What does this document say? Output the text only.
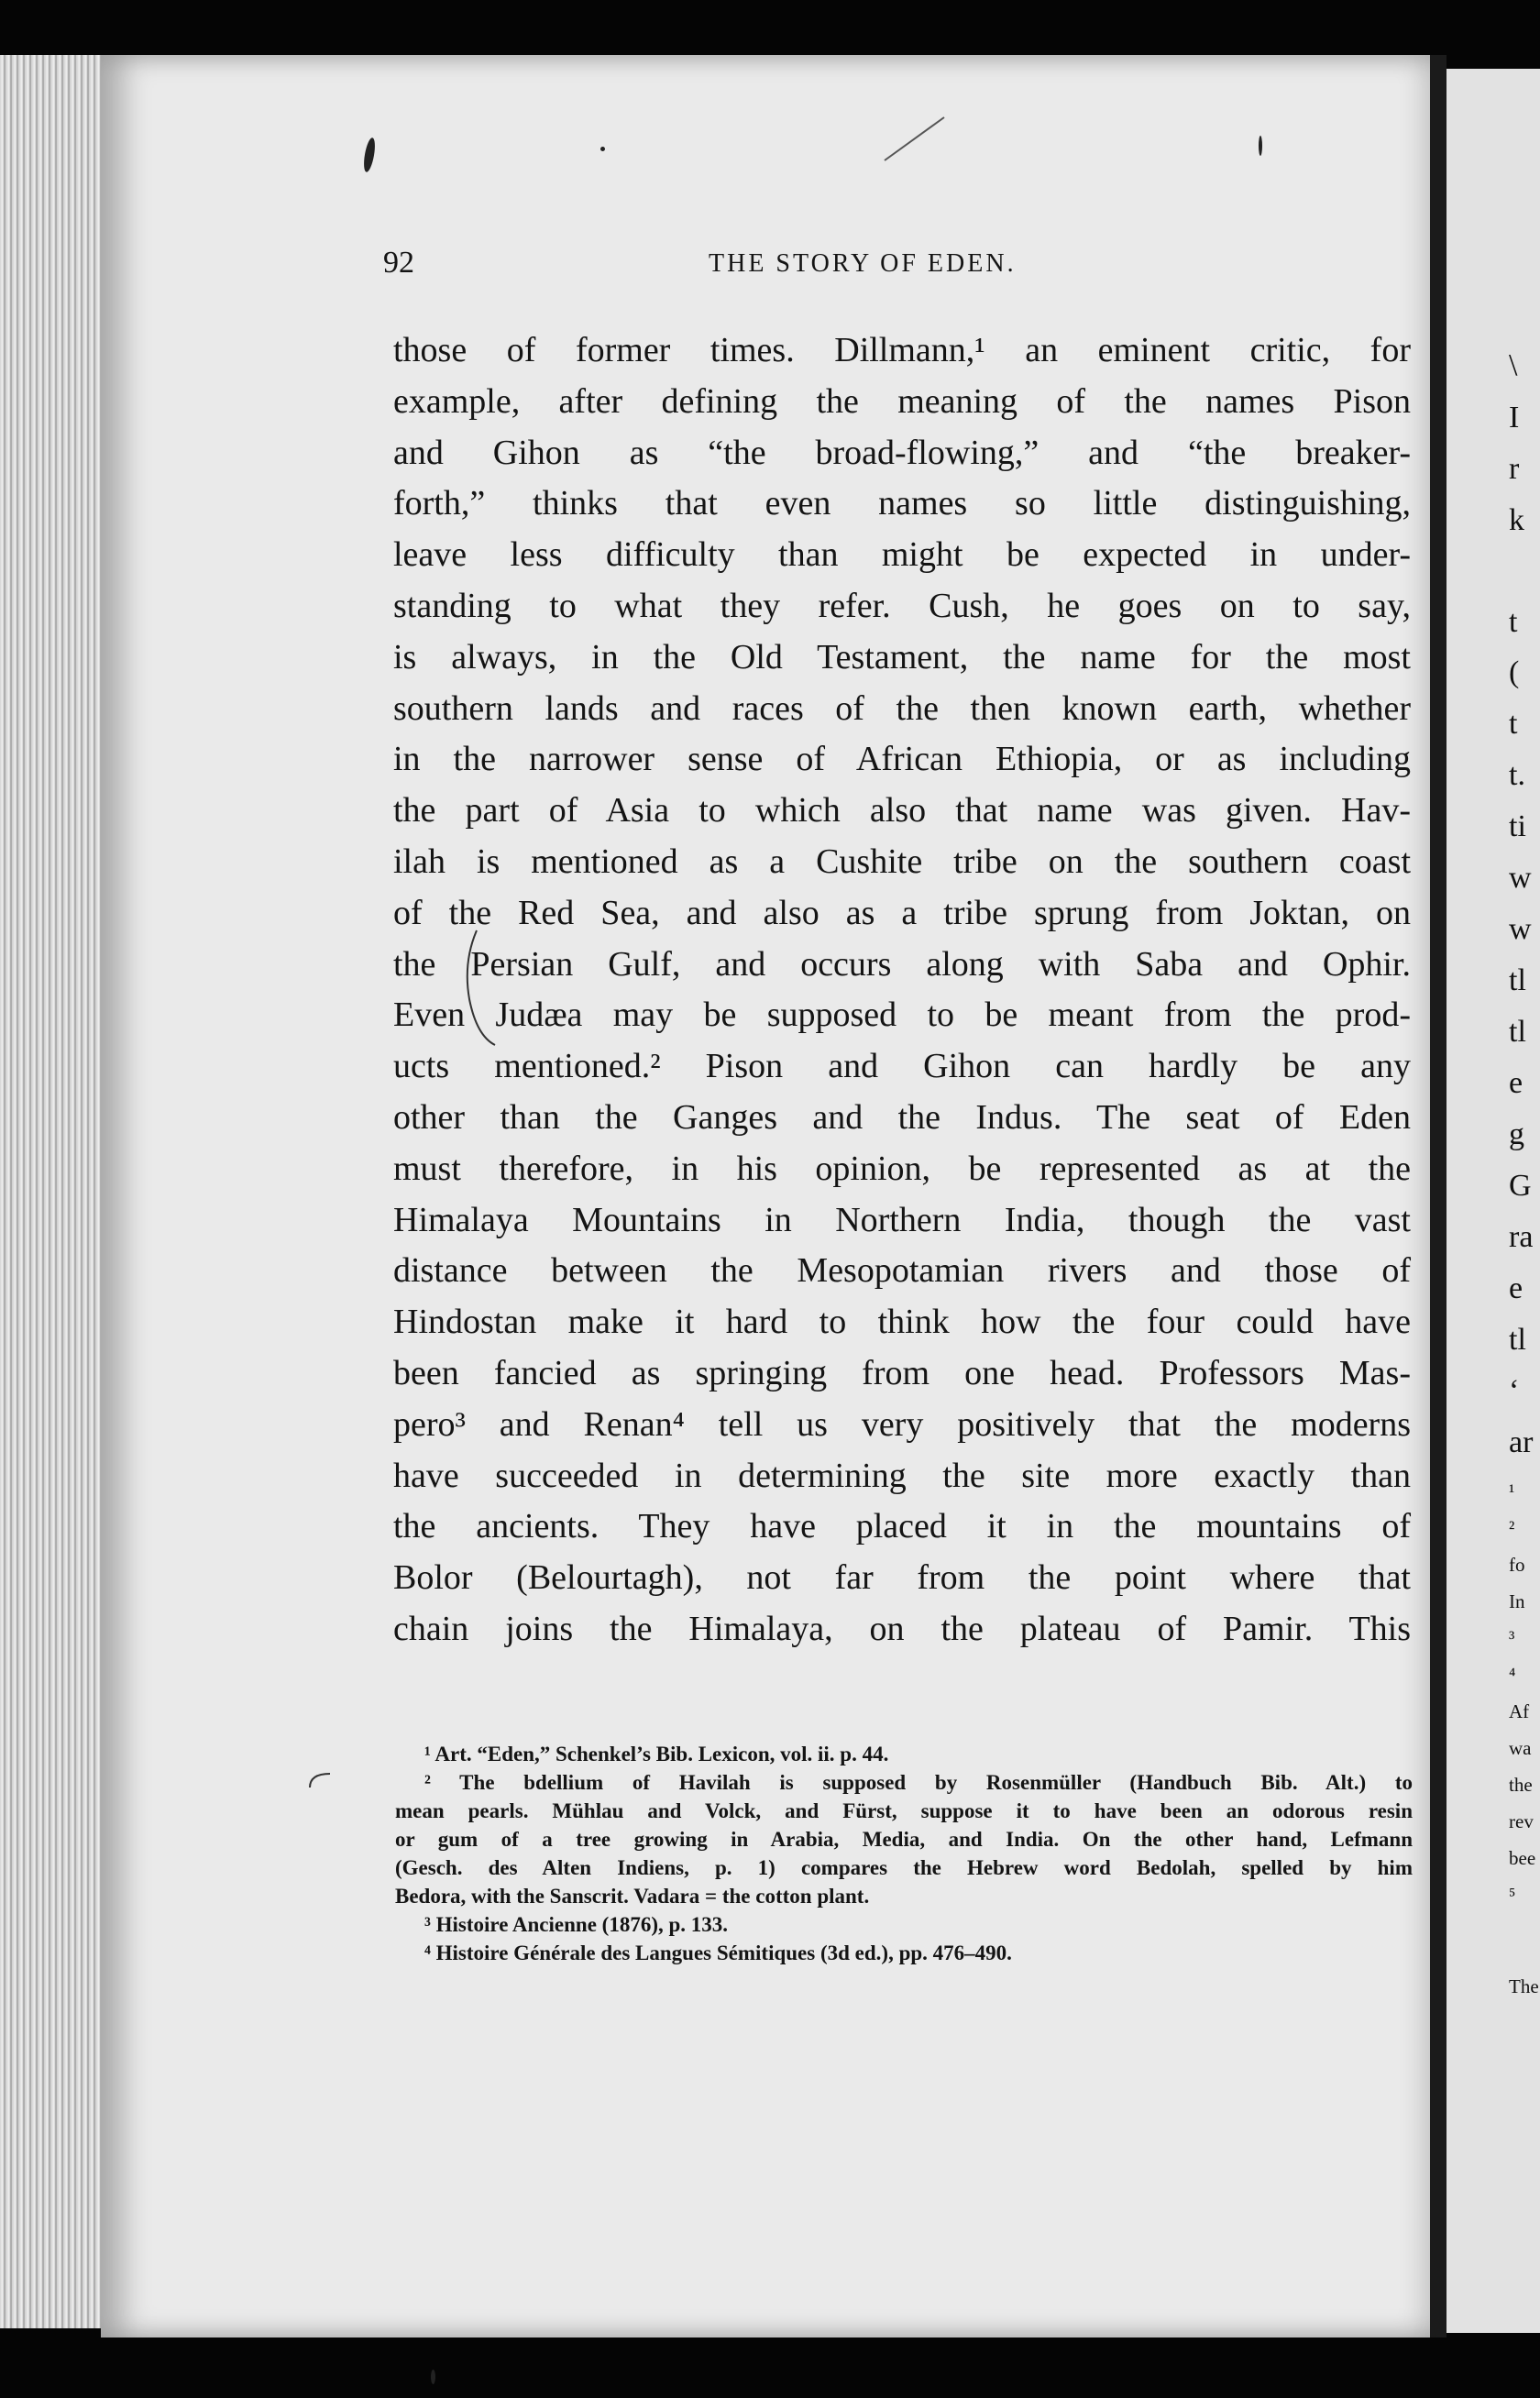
\
I
r
k
t
(
t
t.
ti
w
w
tl
tl
e
g
G
ra
e
tl
‘
ar
¹
²
fo
In
³
⁴
Af
wa
the
rev
bee
⁵
The
92	THE STORY OF EDEN.
those of former times. Dillmann,¹ an eminent critic, for
example, after defining the meaning of the names Pison
and Gihon as “the broad-flowing,” and “the breaker-
forth,” thinks that even names so little distinguishing,
leave less difficulty than might be expected in under-
standing to what they refer. Cush, he goes on to say,
is always, in the Old Testament, the name for the most
southern lands and races of the then known earth, whether
in the narrower sense of African Ethiopia, or as including
the part of Asia to which also that name was given. Hav-
ilah is mentioned as a Cushite tribe on the southern coast
of the Red Sea, and also as a tribe sprung from Joktan, on
the Persian Gulf, and occurs along with Saba and Ophir.
Even Judæa may be supposed to be meant from the prod-
ucts mentioned.² Pison and Gihon can hardly be any
other than the Ganges and the Indus. The seat of Eden
must therefore, in his opinion, be represented as at the
Himalaya Mountains in Northern India, though the vast
distance between the Mesopotamian rivers and those of
Hindostan make it hard to think how the four could have
been fancied as springing from one head. Professors Mas-
pero³ and Renan⁴ tell us very positively that the moderns
have succeeded in determining the site more exactly than
the ancients. They have placed it in the mountains of
Bolor (Belourtagh), not far from the point where that
chain joins the Himalaya, on the plateau of Pamir. This
¹ Art. “Eden,” Schenkel’s Bib. Lexicon, vol. ii. p. 44.
² The bdellium of Havilah is supposed by Rosenmüller (Handbuch Bib. Alt.) to
mean pearls. Mühlau and Volck, and Fürst, suppose it to have been an odorous resin
or gum of a tree growing in Arabia, Media, and India. On the other hand, Lefmann
(Gesch. des Alten Indiens, p. 1) compares the Hebrew word Bedolah, spelled by him
Bedora, with the Sanscrit. Vadara = the cotton plant.
³ Histoire Ancienne (1876), p. 133.
⁴ Histoire Générale des Langues Sémitiques (3d ed.), pp. 476–490.
